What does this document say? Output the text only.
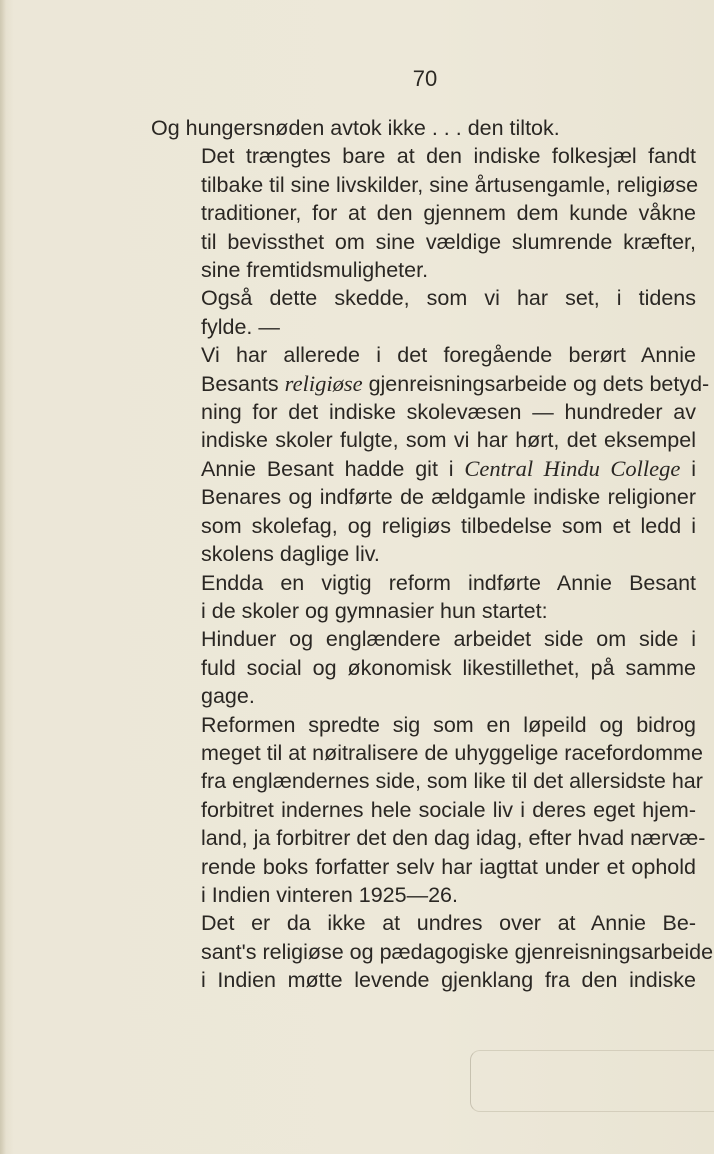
70

Og hungersnøden avtok ikke . . . den tiltok.

Det trængtes bare at den indiske folkesjæl fandt
tilbake til sine livskilder, sine årtusengamle, religiøse
traditioner, for at den gjennem dem kunde våkne
til bevissthet om sine vældige slumrende kræfter,
sine fremtidsmuligheter.

Også dette skedde, som vi har set, i tidens
fylde. —

Vi har allerede i det foregående berørt Annie
Besants religiøse gjenreisningsarbeide og dets betyd-
ning for det indiske skolevæsen — hundreder av
indiske skoler fulgte, som vi har hørt, det eksempel
Annie Besant hadde git i Central Hindu College i
Benares og indførte de ældgamle indiske religioner
som skolefag, og religiøs tilbedelse som et ledd i
skolens daglige liv.

Endda en vigtig reform indførte Annie Besant
i de skoler og gymnasier hun startet:

Hinduer og englændere arbeidet side om side i
fuld social og økonomisk likestillethet, på samme
gage.

Reformen spredte sig som en løpeild og bidrog
meget til at nøitralisere de uhyggelige racefordomme
fra englændernes side, som like til det allersidste har
forbitret indernes hele sociale liv i deres eget hjem-
land, ja forbitrer det den dag idag, efter hvad nærvæ-
rende boks forfatter selv har iagttat under et ophold
i Indien vinteren 1925—26.

Det er da ikke at undres over at Annie Be-
sant's religiøse og pædagogiske gjenreisningsarbeide
i Indien møtte levende gjenklang fra den indiske
